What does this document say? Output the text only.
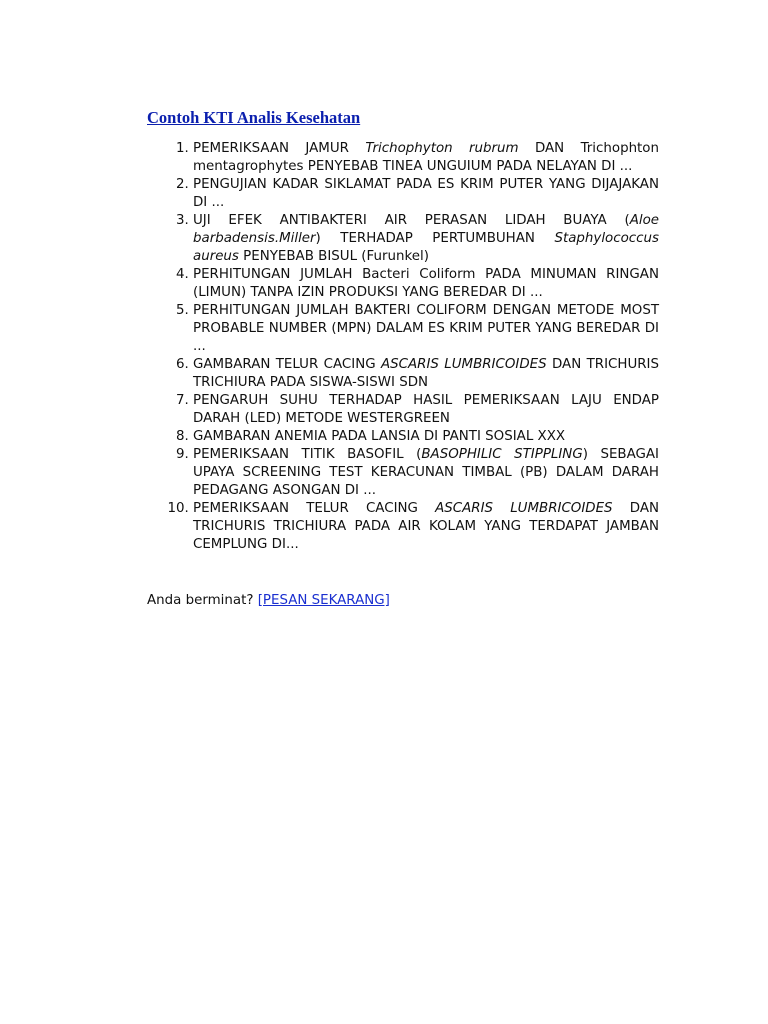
Contoh KTI Analis Kesehatan
1. PEMERIKSAAN JAMUR Trichophyton rubrum DAN Trichophton mentagrophytes PENYEBAB TINEA UNGUIUM PADA NELAYAN DI ...
2. PENGUJIAN KADAR SIKLAMAT PADA ES KRIM PUTER YANG DIJAJAKAN DI ...
3. UJI EFEK ANTIBAKTERI AIR PERASAN LIDAH BUAYA (Aloe barbadensis.Miller) TERHADAP PERTUMBUHAN Staphylococcus aureus PENYEBAB BISUL (Furunkel)
4. PERHITUNGAN JUMLAH Bacteri Coliform PADA MINUMAN RINGAN (LIMUN) TANPA IZIN PRODUKSI YANG BEREDAR DI ...
5. PERHITUNGAN JUMLAH BAKTERI COLIFORM DENGAN METODE MOST PROBABLE NUMBER (MPN) DALAM ES KRIM PUTER YANG BEREDAR DI ...
6. GAMBARAN TELUR CACING ASCARIS LUMBRICOIDES DAN TRICHURIS TRICHIURA PADA SISWA-SISWI SDN
7. PENGARUH SUHU TERHADAP HASIL PEMERIKSAAN LAJU ENDAP DARAH (LED) METODE WESTERGREEN
8. GAMBARAN ANEMIA PADA LANSIA DI PANTI SOSIAL XXX
9. PEMERIKSAAN TITIK BASOFIL (BASOPHILIC STIPPLING) SEBAGAI UPAYA SCREENING TEST KERACUNAN TIMBAL (PB) DALAM DARAH PEDAGANG ASONGAN DI ...
10. PEMERIKSAAN TELUR CACING ASCARIS LUMBRICOIDES DAN TRICHURIS TRICHIURA PADA AIR KOLAM YANG TERDAPAT JAMBAN CEMPLUNG DI...
Anda berminat? [PESAN SEKARANG]
